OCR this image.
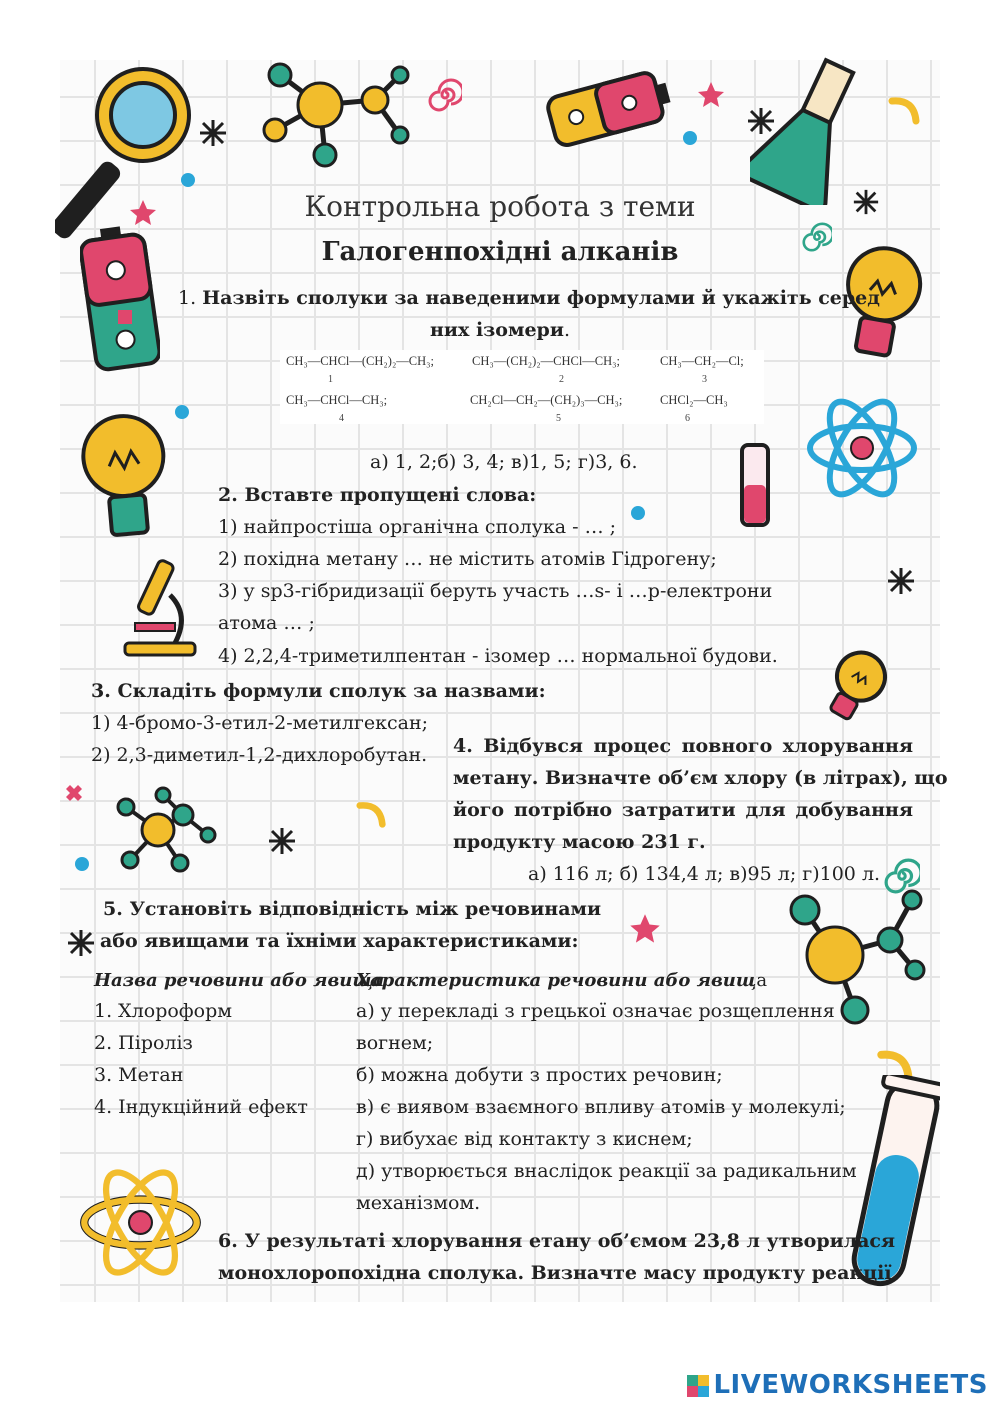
Контрольна робота з теми
Галогенпохідні алканів
1. Назвіть сполуки за наведеними формулами й укажіть серед
них ізомери.
CH₃—CHCl—(CH₂)₂—CH₃;
1
CH₃—(CH₂)₂—CHCl—CH₃;
2
CH₃—CH₂—Cl;
3
CH₃—CHCl—CH₃;
4
CH₂Cl—CH₂—(CH₂)₃—CH₃;
5
CHCl₂—CH₃
6
а) 1, 2;б) 3, 4; в)1, 5; г)3, 6.
2. Вставте пропущені слова:
1) найпростіша органічна сполука - … ;
2) похідна метану … не містить атомів Гідрогену;
3) у sp3-гібридизації беруть участь …s- і …р-електрони
атома … ;
4) 2,2,4-триметилпентан - ізомер … нормальної будови.
3. Складіть формули сполук за назвами:
1) 4-бромо-3-етил-2-метилгексан;
2) 2,3-диметил-1,2-дихлоробутан. 4. Відбувся процес повного хлорування
метану. Визначте об’єм хлору (в літрах), що
його потрібно затратити для добування
продукту масою 231 г.
а) 116 л; б) 134,4 л; в)95 л; г)100 л.
5. Установіть відповідність між речовинами
або явищами та їхніми характеристиками:
Назва речовини або явища
Характеристика речовини або явища
1. Хлороформ
2. Піроліз
3. Метан
4. Індукційний ефект
а) у перекладі з грецької означає розщеплення
вогнем;
б) можна добути з простих речовин;
в) є виявом взаємного впливу атомів у молекулі;
г) вибухає від контакту з киснем;
д) утворюється внаслідок реакції за радикальним
механізмом.
6. У результаті хлорування етану об’ємом 23,8 л утворилася
монохлоропохідна сполука. Визначте масу продукту реакції.
LIVEWORKSHEETS
